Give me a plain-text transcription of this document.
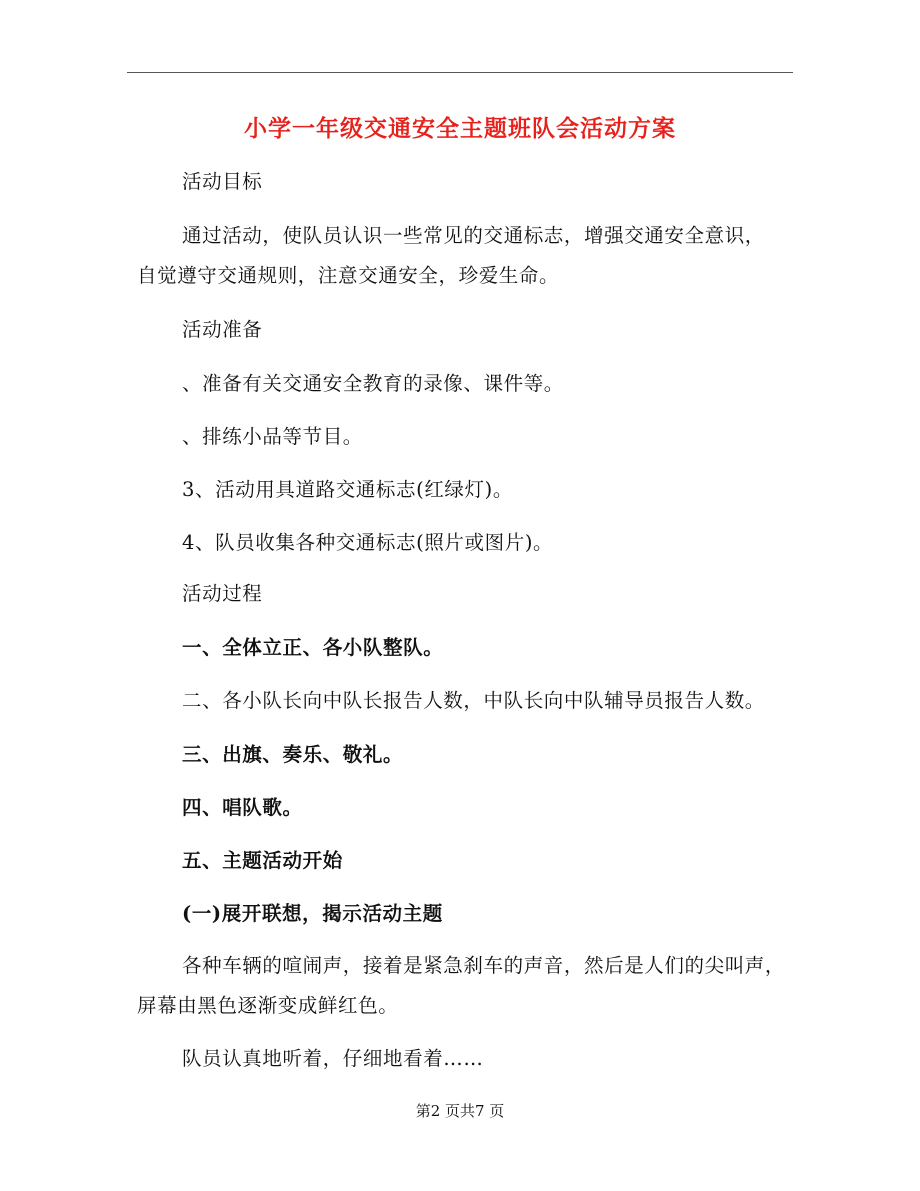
小学一年级交通安全主题班队会活动方案
活动目标
通过活动，使队员认识一些常见的交通标志，增强交通安全意识，
自觉遵守交通规则，注意交通安全，珍爱生命。
活动准备
、准备有关交通安全教育的录像、课件等。
、排练小品等节目。
3、活动用具道路交通标志(红绿灯)。
4、队员收集各种交通标志(照片或图片)。
活动过程
一、全体立正、各小队整队。
二、各小队长向中队长报告人数，中队长向中队辅导员报告人数。
三、出旗、奏乐、敬礼。
四、唱队歌。
五、主题活动开始
(一)展开联想，揭示活动主题
各种车辆的喧闹声，接着是紧急刹车的声音，然后是人们的尖叫声，
屏幕由黑色逐渐变成鲜红色。
队员认真地听着，仔细地看着……
第2 页共7 页
